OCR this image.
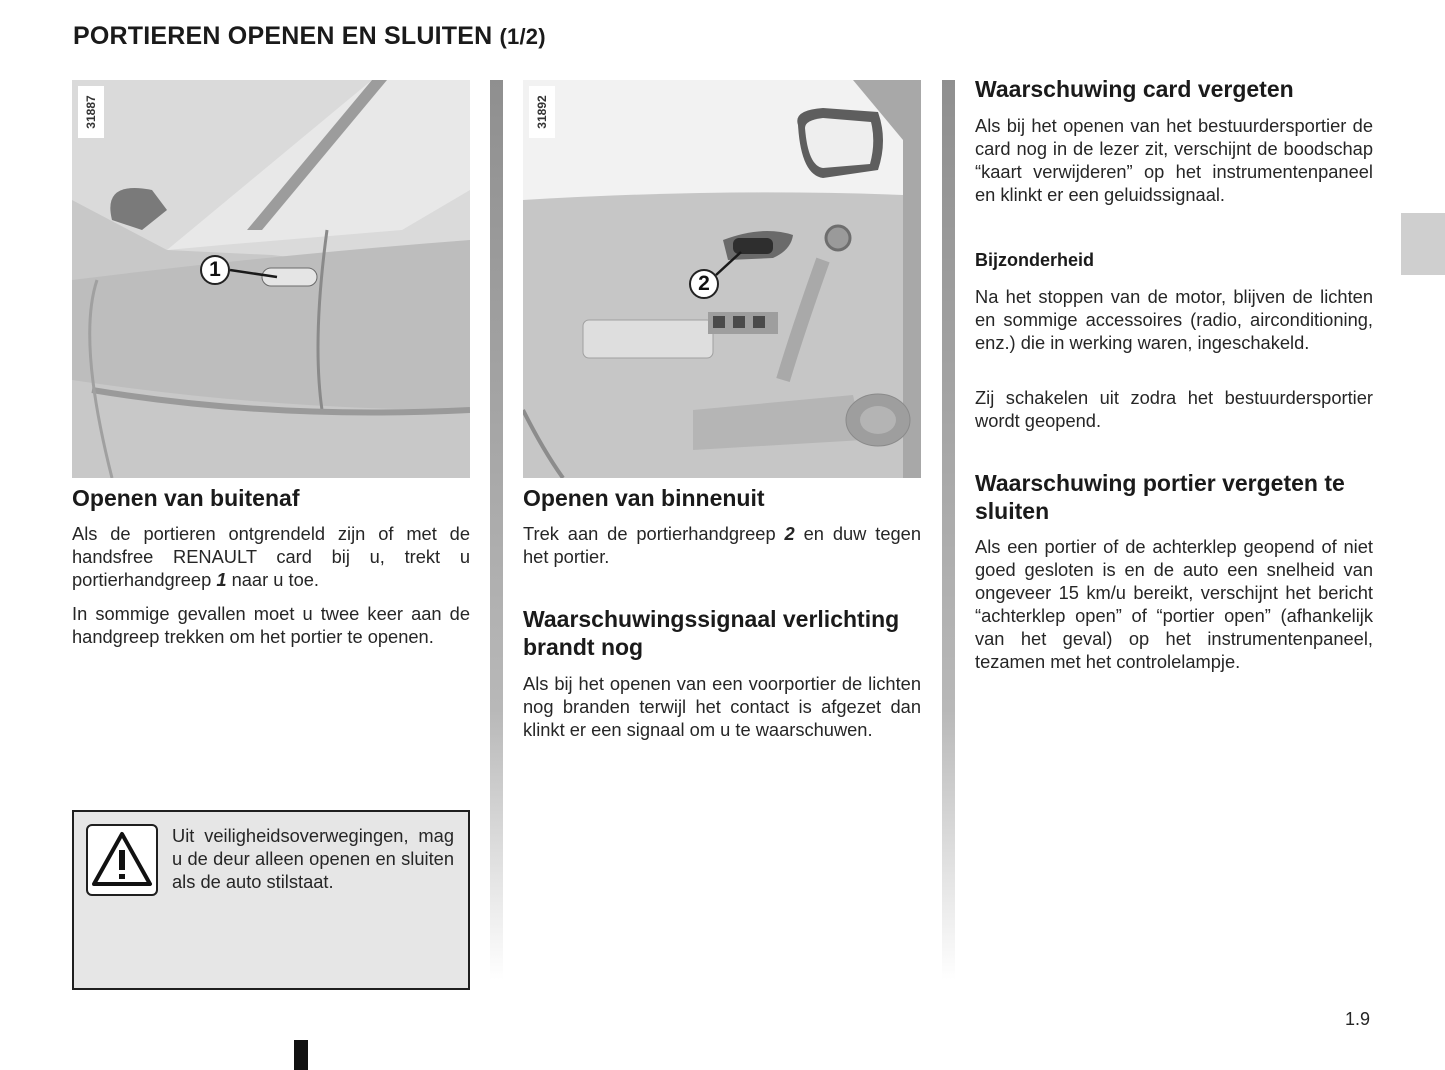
PORTIEREN OPENEN EN SLUITEN (1/2)
31887
1
Openen van buitenaf

Als de portieren ontgrendeld zijn of met de handsfree RENAULT card bij u, trekt u portierhandgreep 1 naar u toe.

In sommige gevallen moet u twee keer aan de handgreep trekken om het portier te openen.

Uit veiligheidsoverwegingen, mag u de deur alleen openen en sluiten als de auto stilstaat.

31892
2
Openen van binnenuit

Trek aan de portierhandgreep 2 en duw tegen het portier.

Waarschuwingssignaal verlichting brandt nog

Als bij het openen van een voorportier de lichten nog branden terwijl het contact is afgezet dan klinkt er een signaal om u te waarschuwen.

Waarschuwing card vergeten

Als bij het openen van het bestuurdersportier de card nog in de lezer zit, verschijnt de boodschap “kaart verwijderen” op het instrumentenpaneel en klinkt er een geluidssignaal.

Bijzonderheid

Na het stoppen van de motor, blijven de lichten en sommige accessoires (radio, airconditioning, enz.) die in werking waren, ingeschakeld.

Zij schakelen uit zodra het bestuurdersportier wordt geopend.

Waarschuwing portier vergeten te sluiten

Als een portier of de achterklep geopend of niet goed gesloten is en de auto een snelheid van ongeveer 15 km/u bereikt, verschijnt het bericht “achterklep open” of “portier open” (afhankelijk van het geval) op het instrumentenpaneel, tezamen met het controlelampje.

1.9
